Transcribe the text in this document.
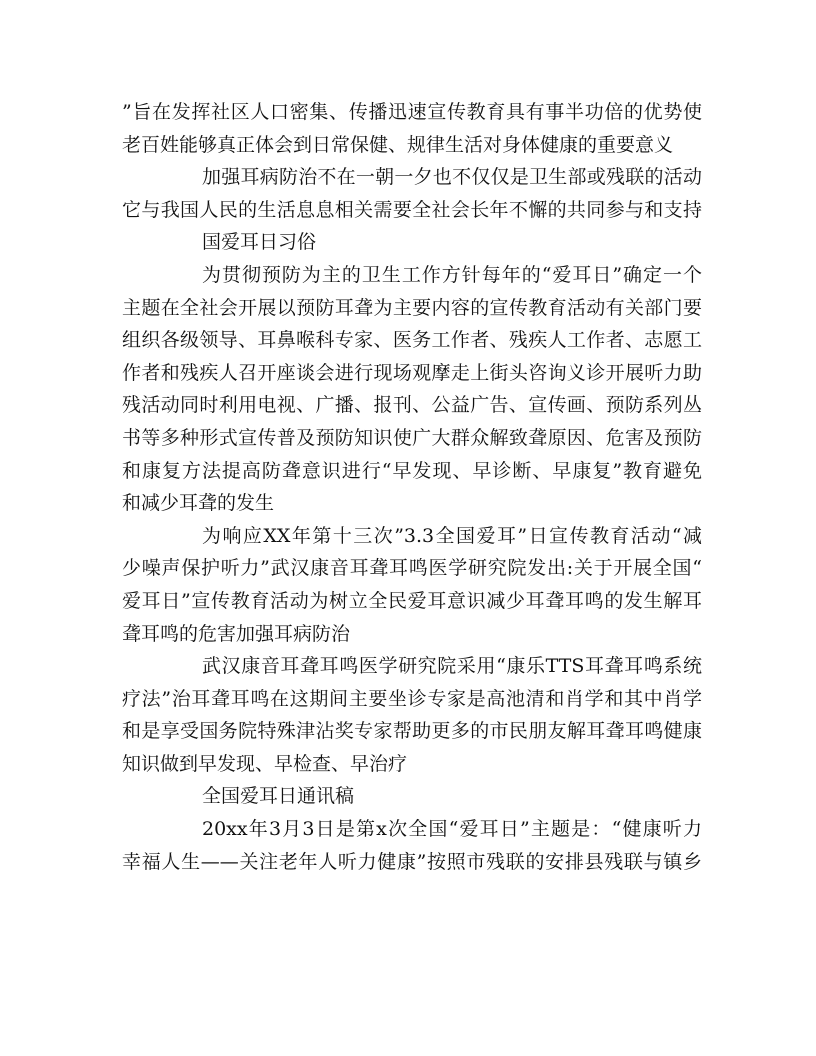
”旨在发挥社区人口密集、传播迅速宣传教育具有事半功倍的优势使
老百姓能够真正体会到日常保健、规律生活对身体健康的重要意义
加强耳病防治不在一朝一夕也不仅仅是卫生部或残联的活动
它与我国人民的生活息息相关需要全社会长年不懈的共同参与和支持
国爱耳日习俗
为贯彻预防为主的卫生工作方针每年的“爱耳日”确定一个
主题在全社会开展以预防耳聋为主要内容的宣传教育活动有关部门要
组织各级领导、耳鼻喉科专家、医务工作者、残疾人工作者、志愿工
作者和残疾人召开座谈会进行现场观摩走上街头咨询义诊开展听力助
残活动同时利用电视、广播、报刊、公益广告、宣传画、预防系列丛
书等多种形式宣传普及预防知识使广大群众解致聋原因、危害及预防
和康复方法提高防聋意识进行“早发现、早诊断、早康复”教育避免
和减少耳聋的发生
为响应XX年第十三次”3.3全国爱耳”日宣传教育活动“减
少噪声保护听力”武汉康音耳聋耳鸣医学研究院发出:关于开展全国“
爱耳日”宣传教育活动为树立全民爱耳意识减少耳聋耳鸣的发生解耳
聋耳鸣的危害加强耳病防治
武汉康音耳聋耳鸣医学研究院采用“康乐TTS耳聋耳鸣系统
疗法”治耳聋耳鸣在这期间主要坐诊专家是高池清和肖学和其中肖学
和是享受国务院特殊津沾奖专家帮助更多的市民朋友解耳聋耳鸣健康
知识做到早发现、早检查、早治疗
全国爱耳日通讯稿
20xx年3月3日是第x次全国“爱耳日”主题是：“健康听力
幸福人生——关注老年人听力健康”按照市残联的安排县残联与镇乡
